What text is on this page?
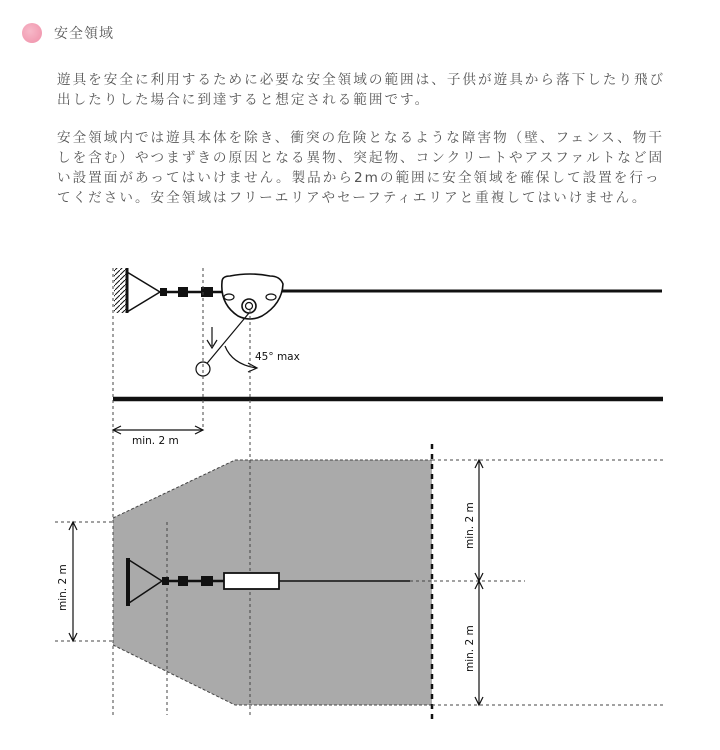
安全領域
遊具を安全に利用するために必要な安全領域の範囲は、子供が遊具から落下したり飛び出したりした場合に到達すると想定される範囲です。
安全領域内では遊具本体を除き、衝突の危険となるような障害物（壁、フェンス、物干しを含む）やつまずきの原因となる異物、突起物、コンクリートやアスファルトなど固い設置面があってはいけません。製品から2mの範囲に安全領域を確保して設置を行ってください。安全領域はフリーエリアやセーフティエリアと重複してはいけません。
45° max
min. 2 m
min. 2 m
min. 2 m
min. 2 m
